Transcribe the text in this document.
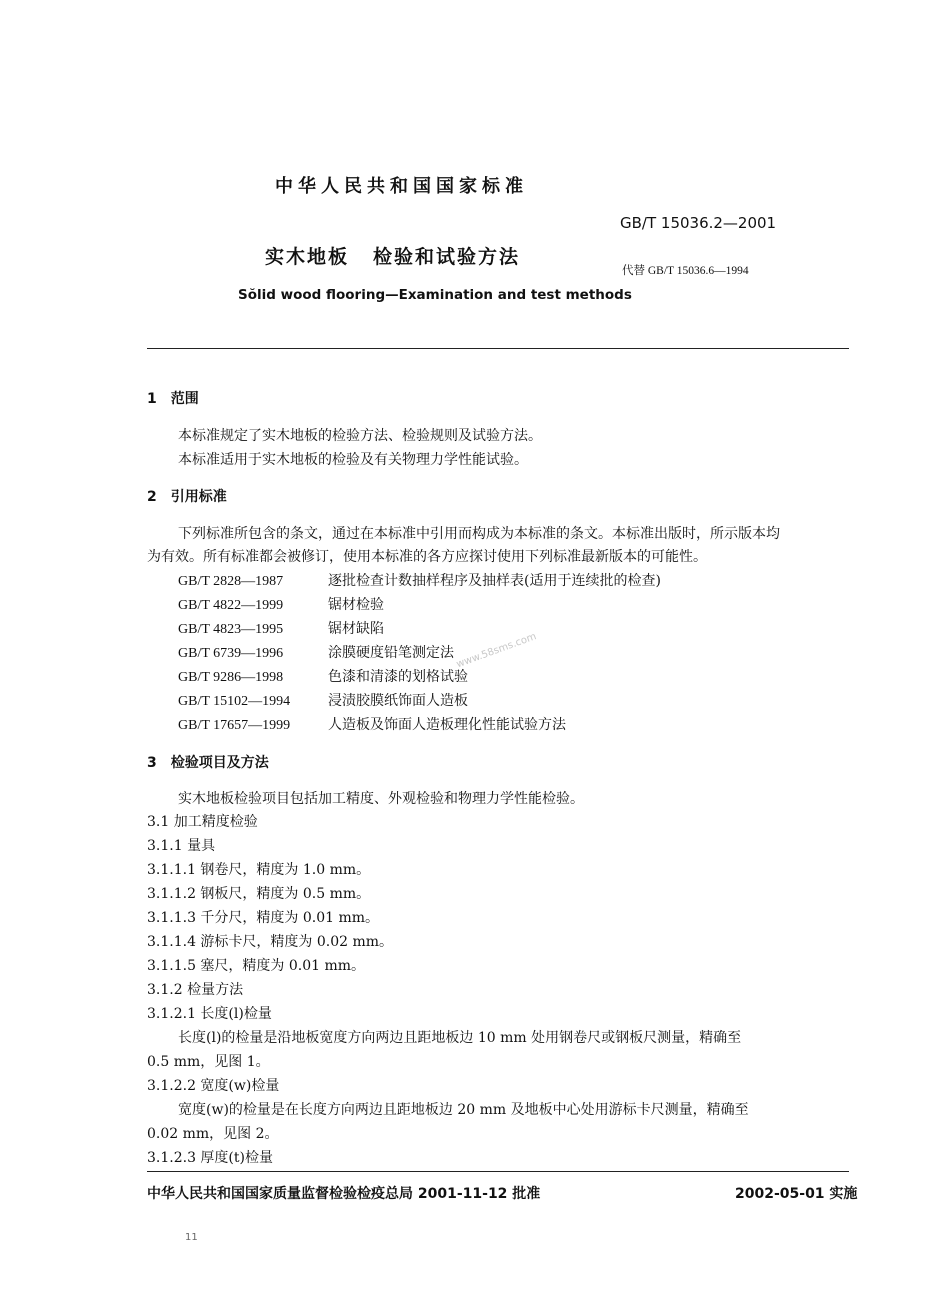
中华人民共和国国家标准
GB/T 15036.2—2001
实木地板 检验和试验方法
代替 GB/T 15036.6—1994
Sŏlid wood flooring—Examination and test methods
1 范围
本标准规定了实木地板的检验方法、检验规则及试验方法。
本标准适用于实木地板的检验及有关物理力学性能试验。
2 引用标准
下列标准所包含的条文，通过在本标准中引用而构成为本标准的条文。本标准出版时，所示版本均
为有效。所有标准都会被修订，使用本标准的各方应探讨使用下列标准最新版本的可能性。
GB/T 2828—1987	逐批检查计数抽样程序及抽样表(适用于连续批的检查)
GB/T 4822—1999	锯材检验
GB/T 4823—1995	锯材缺陷
GB/T 6739—1996	涂膜硬度铅笔测定法
GB/T 9286—1998	色漆和清漆的划格试验
GB/T 15102—1994	浸渍胶膜纸饰面人造板
GB/T 17657—1999	人造板及饰面人造板理化性能试验方法
www.58sms.com
3 检验项目及方法
实木地板检验项目包括加工精度、外观检验和物理力学性能检验。
3.1 加工精度检验
3.1.1 量具
3.1.1.1 钢卷尺，精度为 1.0 mm。
3.1.1.2 钢板尺，精度为 0.5 mm。
3.1.1.3 千分尺，精度为 0.01 mm。
3.1.1.4 游标卡尺，精度为 0.02 mm。
3.1.1.5 塞尺，精度为 0.01 mm。
3.1.2 检量方法
3.1.2.1 长度(l)检量
长度(l)的检量是沿地板宽度方向两边且距地板边 10 mm 处用钢卷尺或钢板尺测量，精确至
0.5 mm，见图 1。
3.1.2.2 宽度(w)检量
宽度(w)的检量是在长度方向两边且距地板边 20 mm 及地板中心处用游标卡尺测量，精确至
0.02 mm，见图 2。
3.1.2.3 厚度(t)检量
中华人民共和国国家质量监督检验检疫总局 2001-11-12 批准	2002-05-01 实施
11
